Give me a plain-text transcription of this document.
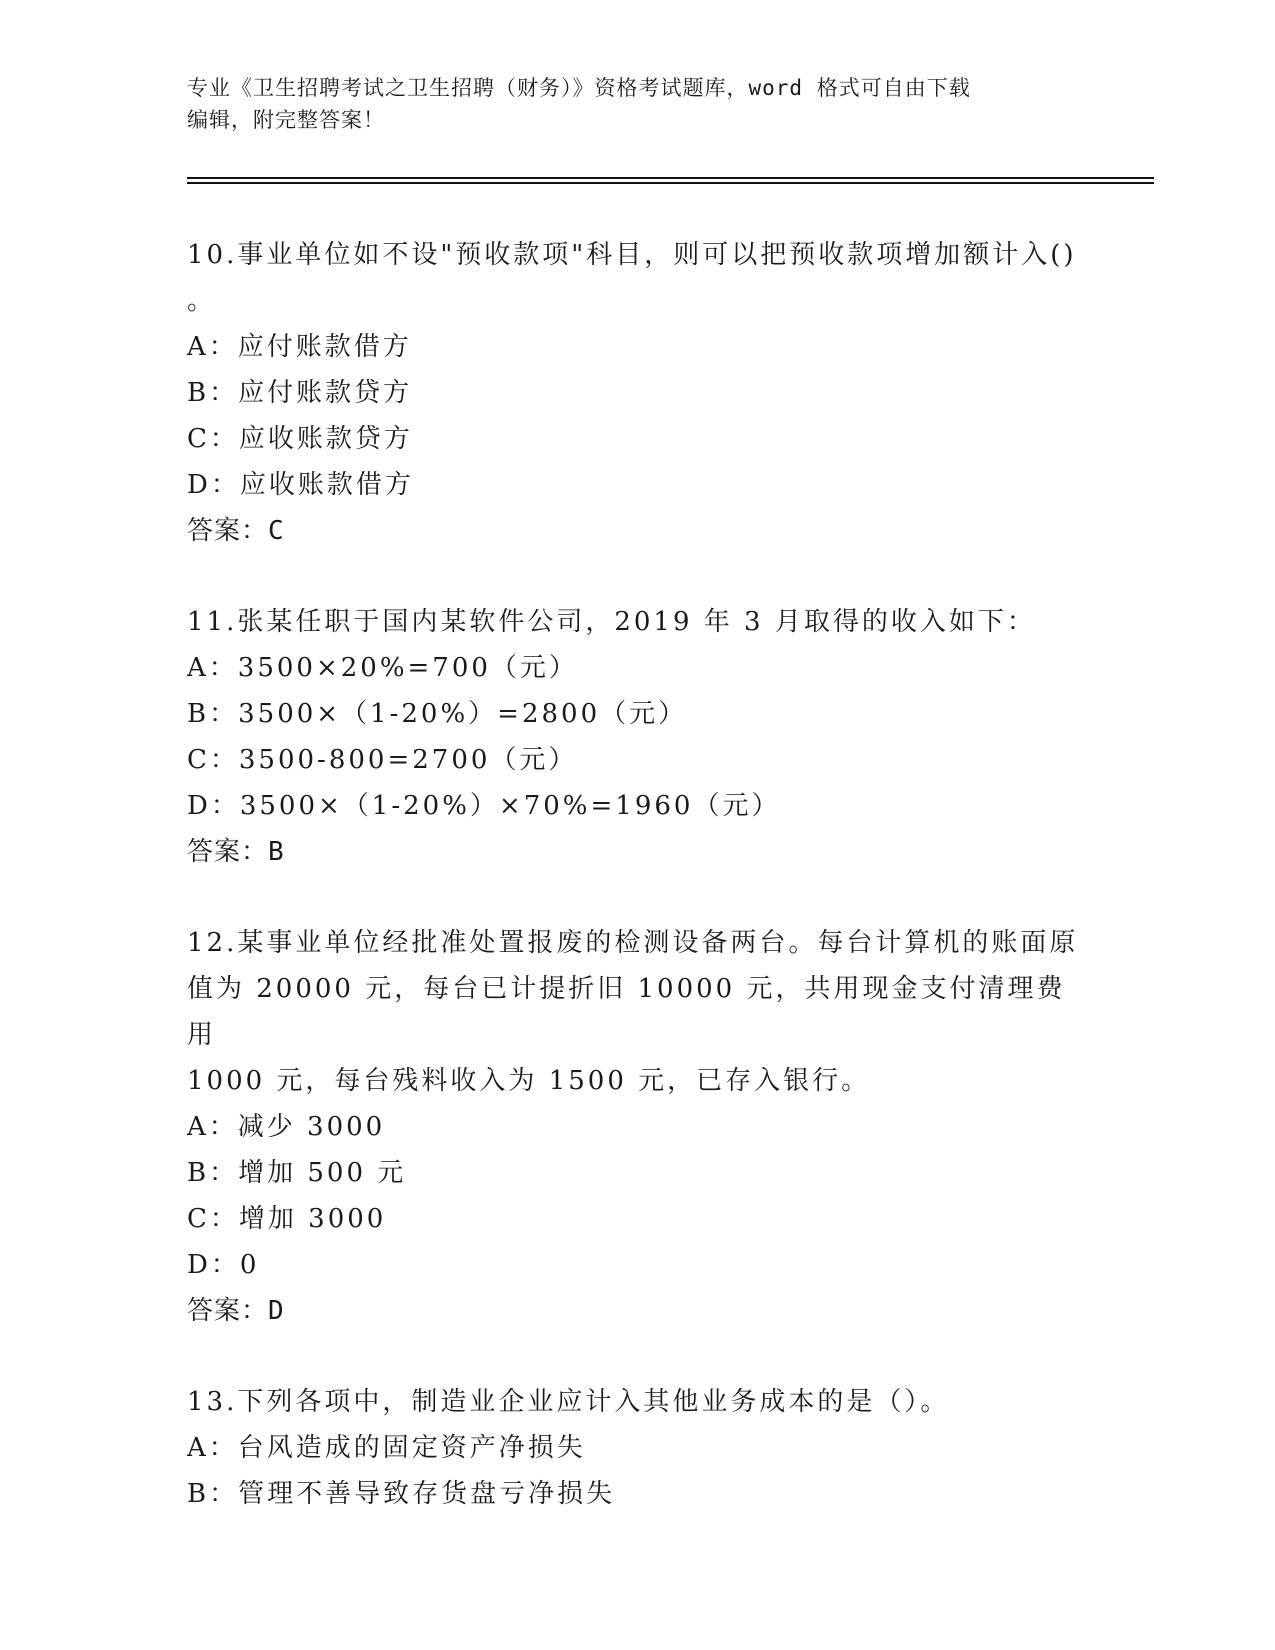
专业《卫生招聘考试之卫生招聘（财务）》资格考试题库，word 格式可自由下载
编辑，附完整答案！
10.事业单位如不设"预收款项"科目，则可以把预收款项增加额计入()
。
A：应付账款借方
B：应付账款贷方
C：应收账款贷方
D：应收账款借方
答案：C
11.张某任职于国内某软件公司，2019 年 3 月取得的收入如下：
A：3500×20%=700（元）
B：3500×（1-20%）=2800（元）
C：3500-800=2700（元）
D：3500×（1-20%）×70%=1960（元）
答案：B
12.某事业单位经批准处置报废的检测设备两台。每台计算机的账面原
值为 20000 元，每台已计提折旧 10000 元，共用现金支付清理费用
1000 元，每台残料收入为 1500 元，已存入银行。
A：减少 3000
B：增加 500 元
C：增加 3000
D：0
答案：D
13.下列各项中，制造业企业应计入其他业务成本的是（）。
A：台风造成的固定资产净损失
B：管理不善导致存货盘亏净损失
